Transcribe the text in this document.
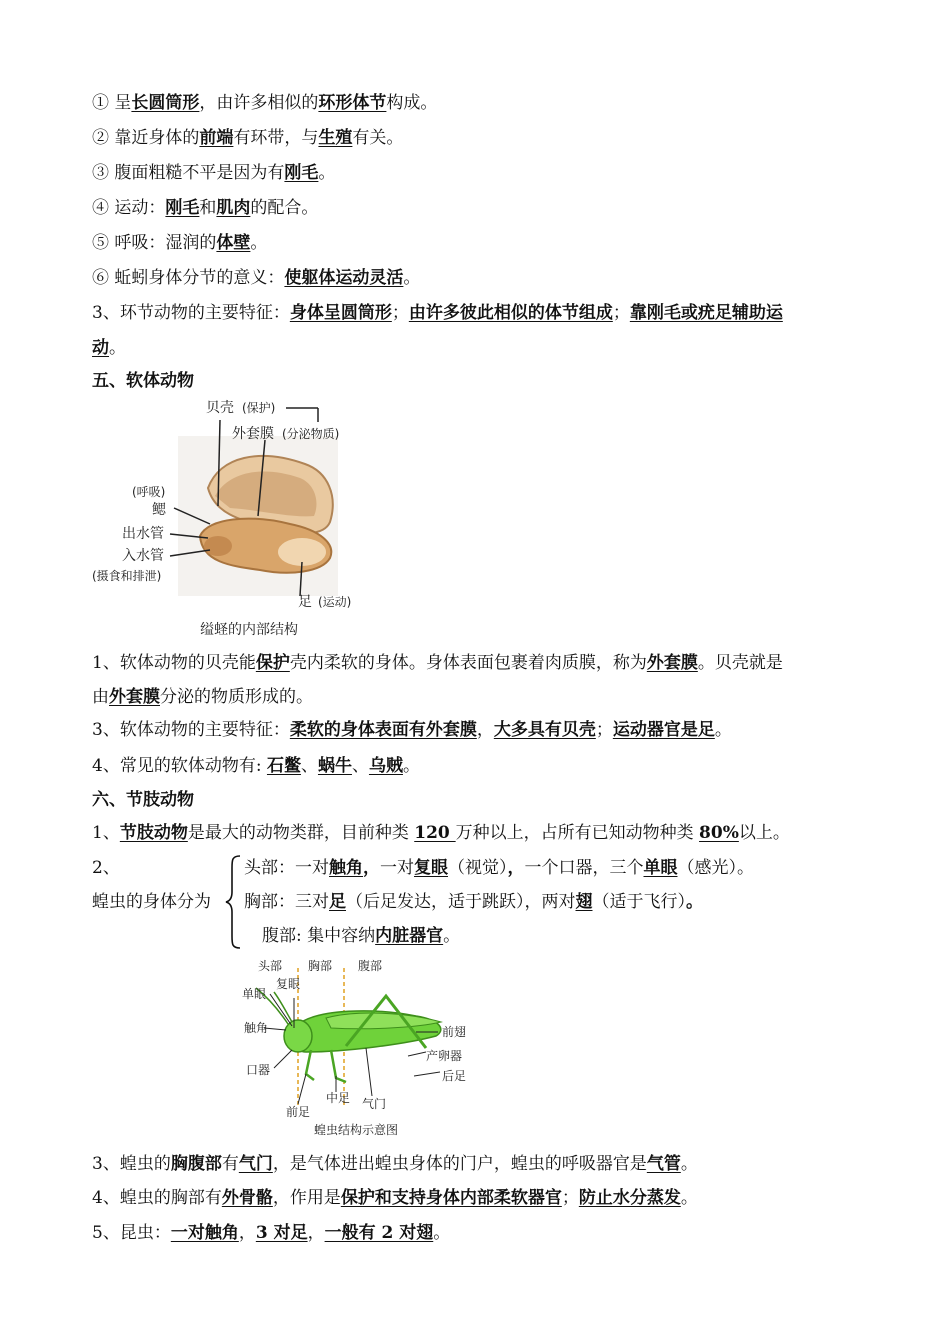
① 呈长圆筒形，由许多相似的环形体节构成。
② 靠近身体的前端有环带，与生殖有关。
③ 腹面粗糙不平是因为有刚毛。
④ 运动：刚毛和肌肉的配合。
⑤ 呼吸：湿润的体壁。
⑥ 蚯蚓身体分节的意义：使躯体运动灵活。
3、环节动物的主要特征：身体呈圆筒形；由许多彼此相似的体节组成；靠刚毛或疣足辅助运
动。
五、软体动物
贝壳 (保护)
外套膜 (分泌物质)
(呼吸)
鳃
出水管
入水管
(摄食和排泄)
足 (运动)
缢蛏的内部结构
1、软体动物的贝壳能保护壳内柔软的身体。身体表面包裹着肉质膜，称为外套膜。贝壳就是
由外套膜分泌的物质形成的。
3、软体动物的主要特征：柔软的身体表面有外套膜，大多具有贝壳；运动器官是足。
4、常见的软体动物有: 石鳖、蜗牛、乌贼。
六、节肢动物
1、节肢动物是最大的动物类群，目前种类 120 万种以上，占所有已知动物种类 80%以上。
2、
蝗虫的身体分为
头部：一对触角，一对复眼（视觉），一个口器，三个单眼（感光）。
胸部：三对足（后足发达，适于跳跃），两对翅（适于飞行）。
腹部: 集中容纳内脏器官。
头部 胸部 腹部
复眼
单眼
触角
口器
前足
中足 气门
前翅
产卵器
后足
蝗虫结构示意图
3、蝗虫的胸腹部有气门，是气体进出蝗虫身体的门户，蝗虫的呼吸器官是气管。
4、蝗虫的胸部有外骨骼，作用是保护和支持身体内部柔软器官；防止水分蒸发。
5、昆虫：一对触角，3 对足，一般有 2 对翅。
